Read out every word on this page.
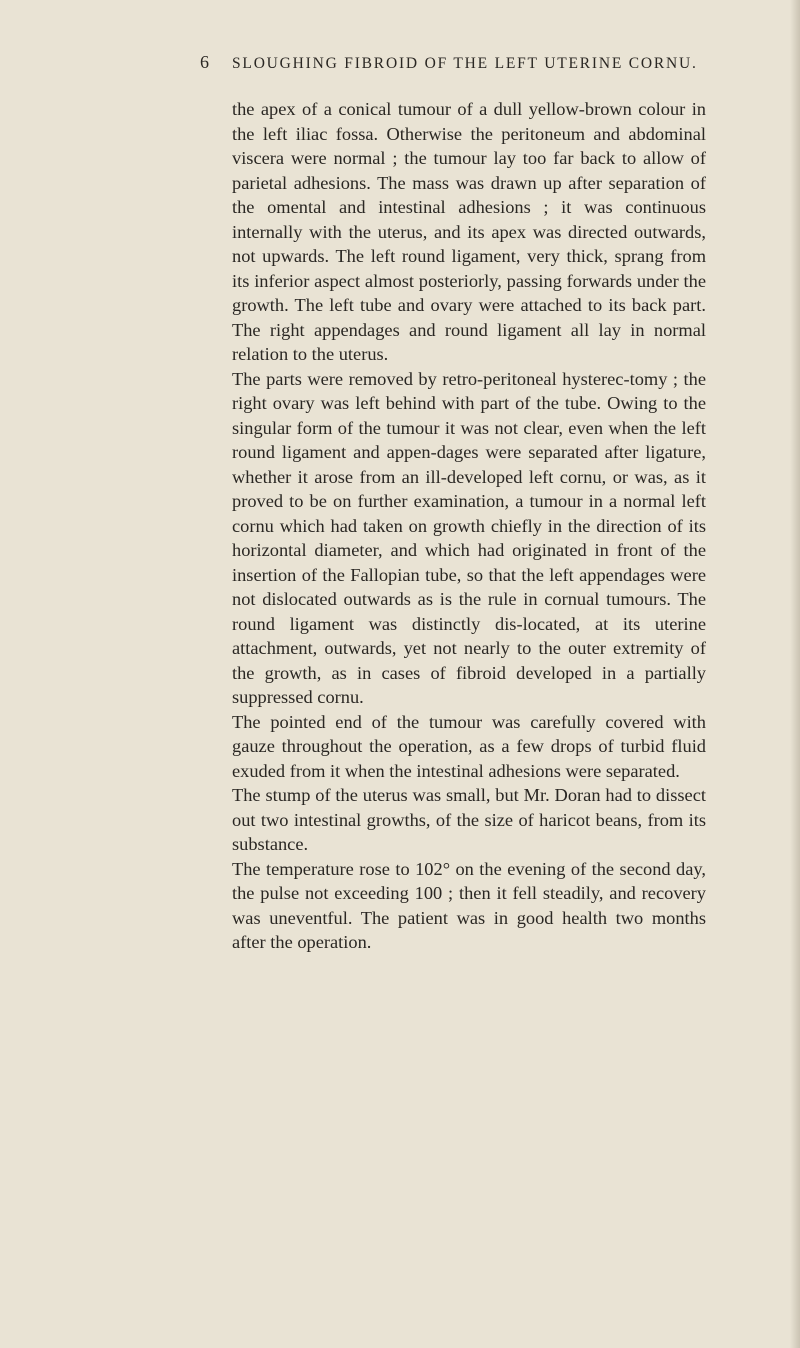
6 SLOUGHING FIBROID OF THE LEFT UTERINE CORNU.

the apex of a conical tumour of a dull yellow-brown colour in the left iliac fossa. Otherwise the peritoneum and abdominal viscera were normal ; the tumour lay too far back to allow of parietal adhesions. The mass was drawn up after separation of the omental and intestinal adhesions ; it was continuous internally with the uterus, and its apex was directed outwards, not upwards. The left round ligament, very thick, sprang from its inferior aspect almost posteriorly, passing forwards under the growth. The left tube and ovary were attached to its back part. The right appendages and round ligament all lay in normal relation to the uterus.

The parts were removed by retro-peritoneal hysterec-tomy ; the right ovary was left behind with part of the tube. Owing to the singular form of the tumour it was not clear, even when the left round ligament and appen-dages were separated after ligature, whether it arose from an ill-developed left cornu, or was, as it proved to be on further examination, a tumour in a normal left cornu which had taken on growth chiefly in the direction of its horizontal diameter, and which had originated in front of the insertion of the Fallopian tube, so that the left appendages were not dislocated outwards as is the rule in cornual tumours. The round ligament was distinctly dis-located, at its uterine attachment, outwards, yet not nearly to the outer extremity of the growth, as in cases of fibroid developed in a partially suppressed cornu.

The pointed end of the tumour was carefully covered with gauze throughout the operation, as a few drops of turbid fluid exuded from it when the intestinal adhesions were separated.

The stump of the uterus was small, but Mr. Doran had to dissect out two intestinal growths, of the size of haricot beans, from its substance.

The temperature rose to 102° on the evening of the second day, the pulse not exceeding 100 ; then it fell steadily, and recovery was uneventful. The patient was in good health two months after the operation.
